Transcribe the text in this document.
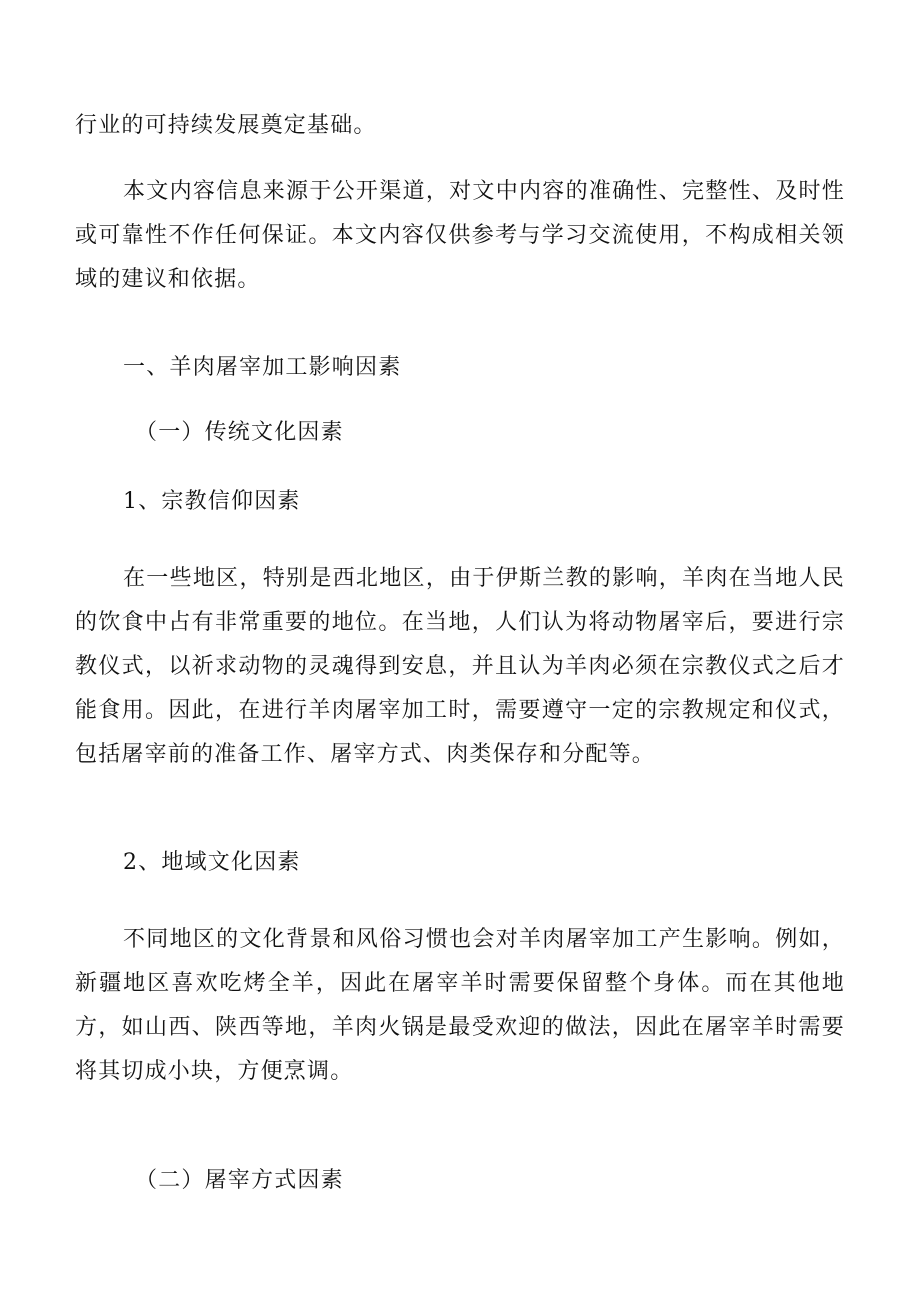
行业的可持续发展奠定基础。

本文内容信息来源于公开渠道，对文中内容的准确性、完整性、及时性或可靠性不作任何保证。本文内容仅供参考与学习交流使用，不构成相关领域的建议和依据。

一、羊肉屠宰加工影响因素
（一）传统文化因素
1、宗教信仰因素

在一些地区，特别是西北地区，由于伊斯兰教的影响，羊肉在当地人民的饮食中占有非常重要的地位。在当地，人们认为将动物屠宰后，要进行宗教仪式，以祈求动物的灵魂得到安息，并且认为羊肉必须在宗教仪式之后才能食用。因此，在进行羊肉屠宰加工时，需要遵守一定的宗教规定和仪式，包括屠宰前的准备工作、屠宰方式、肉类保存和分配等。

2、地域文化因素

不同地区的文化背景和风俗习惯也会对羊肉屠宰加工产生影响。例如，新疆地区喜欢吃烤全羊，因此在屠宰羊时需要保留整个身体。而在其他地方，如山西、陕西等地，羊肉火锅是最受欢迎的做法，因此在屠宰羊时需要将其切成小块，方便烹调。

（二）屠宰方式因素
